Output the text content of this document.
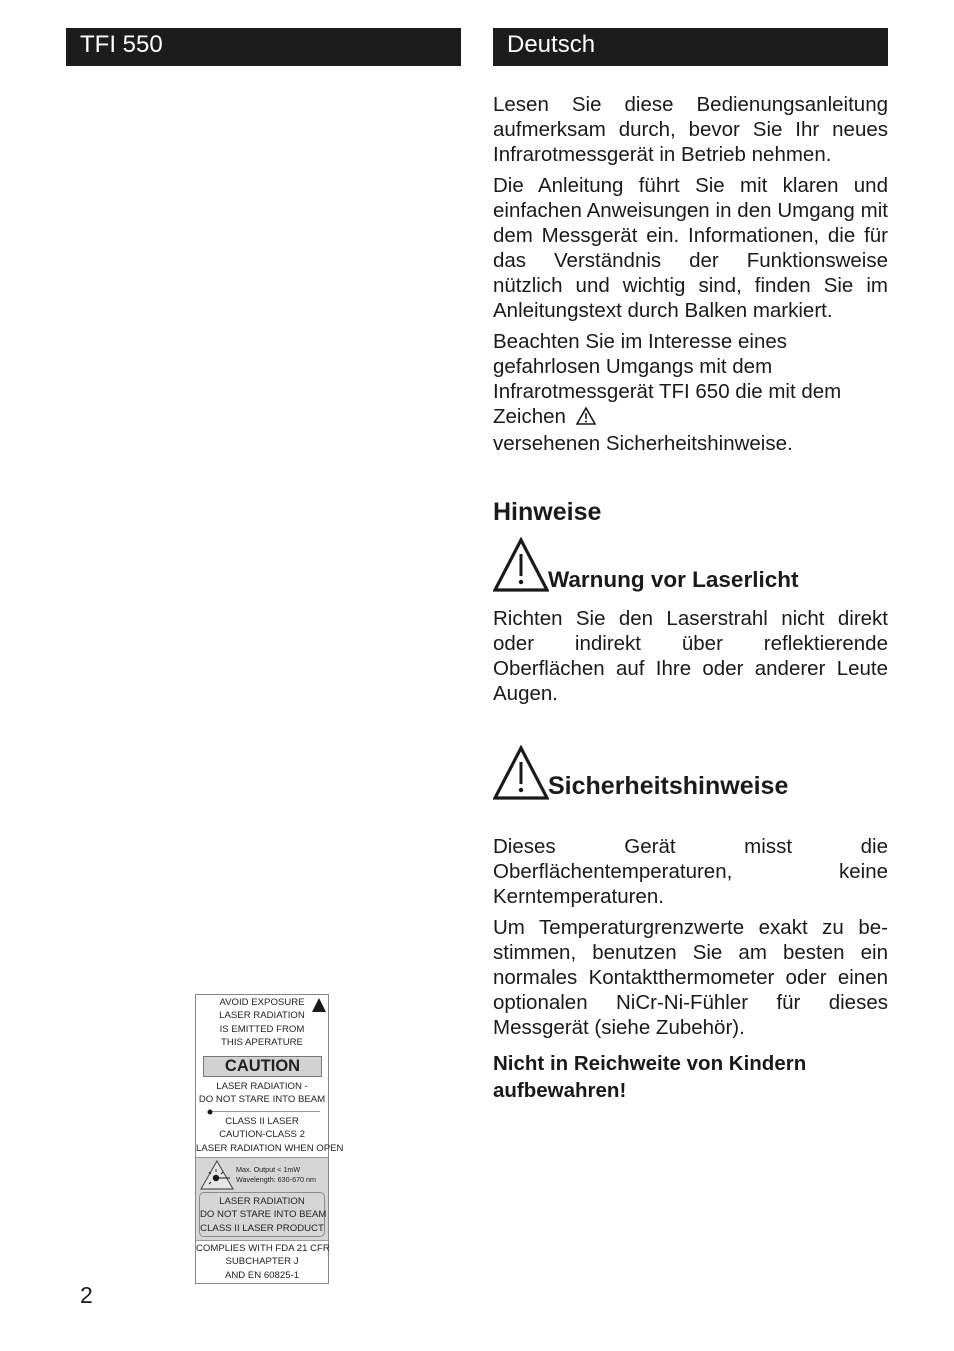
TFI 550	Deutsch

Lesen Sie diese Bedienungsanleitung aufmerksam durch, bevor Sie Ihr neues Infrarotmessgerät in Betrieb nehmen.

Die Anleitung führt Sie mit klaren und einfachen Anweisungen in den Umgang mit dem Messgerät ein. Informationen, die für das Verständnis der Funktionsweise nützlich und wichtig sind, finden Sie im Anleitungstext durch Balken markiert.

Beachten Sie im Interesse eines gefahrlosen Umgangs mit dem Infrarotmessgerät TFI 650 die mit dem Zeichen
versehenen Sicherheitshinweise.

Hinweise
Warnung vor Laserlicht

Richten Sie den Laserstrahl nicht direkt oder indirekt über reflektierende Oberflächen auf Ihre oder anderer Leute Augen.

Sicherheitshinweise

Dieses Gerät misst die Oberflächentemperaturen, keine Kerntemperaturen.

Um Temperaturgrenzwerte exakt zu be-stimmen, benutzen Sie am besten ein normales Kontaktthermometer oder einen optionalen NiCr-Ni-Fühler für dieses Messgerät (siehe Zubehör).

Nicht in Reichweite von Kindern aufbewahren!

AVOID EXPOSURE
LASER RADIATION
IS EMITTED FROM
THIS APERATURE
CAUTION
LASER RADIATION -
DO NOT STARE INTO BEAM
CLASS II LASER
CAUTION-CLASS 2
LASER RADIATION WHEN OPEN
Max. Output < 1mW
Wavelength: 630-670 nm
LASER RADIATION
DO NOT STARE INTO BEAM
CLASS II LASER PRODUCT
COMPLIES WITH FDA 21 CFR
SUBCHAPTER J
AND EN 60825-1
2
